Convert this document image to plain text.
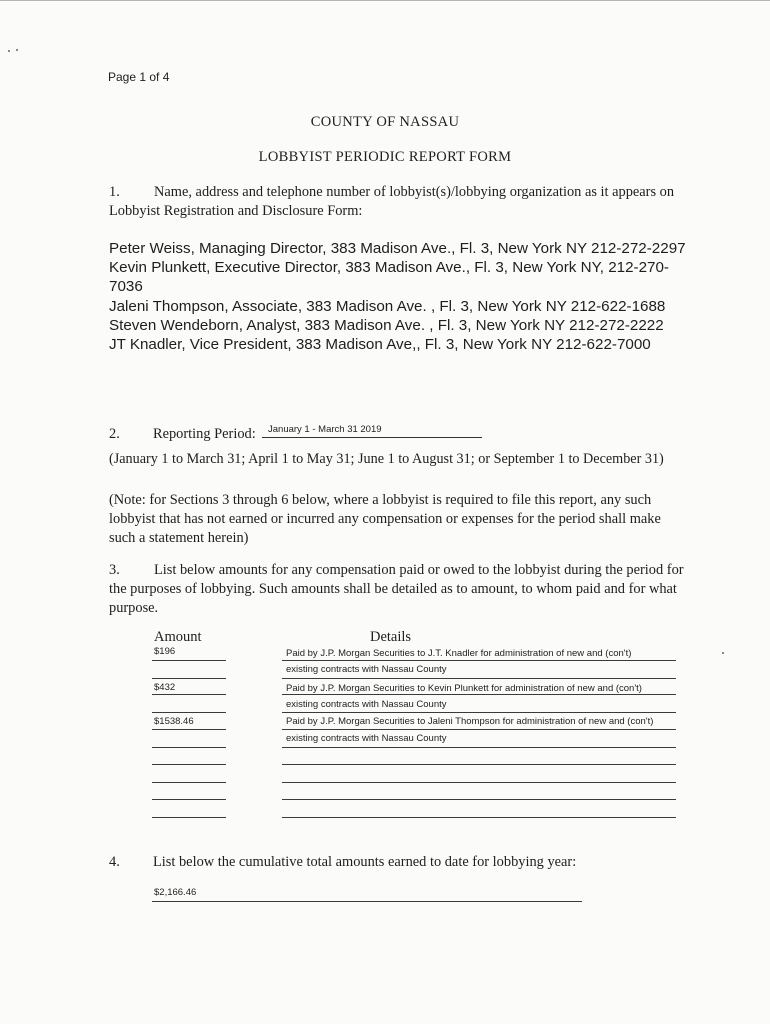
Page 1 of 4
COUNTY OF NASSAU
LOBBYIST PERIODIC REPORT FORM
1.	Name, address and telephone number of lobbyist(s)/lobbying organization as it appears on Lobbyist Registration and Disclosure Form:
Peter Weiss, Managing Director, 383 Madison Ave., Fl. 3, New York NY 212-272-2297
Kevin Plunkett, Executive Director, 383 Madison Ave., Fl. 3, New York NY, 212-270-7036
Jaleni Thompson, Associate, 383 Madison Ave. , Fl. 3, New York NY 212-622-1688
Steven Wendeborn, Analyst, 383 Madison Ave. , Fl. 3, New York NY 212-272-2222
JT Knadler, Vice President, 383 Madison Ave,, Fl. 3, New York NY 212-622-7000
2. Reporting Period: January 1 - March 31 2019
(January 1 to March 31; April 1 to May 31; June 1 to August 31; or September 1 to December 31)
(Note: for Sections 3 through 6 below, where a lobbyist is required to file this report, any such lobbyist that has not earned or incurred any compensation or expenses for the period shall make such a statement herein)
3.	List below amounts for any compensation paid or owed to the lobbyist during the period for the purposes of lobbying. Such amounts shall be detailed as to amount, to whom paid and for what purpose.
Amount	Details
$196	Paid by J.P. Morgan Securities to J.T. Knadler for administration of new and (con't)
existing contracts with Nassau County
$432	Paid by J.P. Morgan Securities to Kevin Plunkett for administration of new and (con't)
existing contracts with Nassau County
$1538.46	Paid by J.P. Morgan Securities to Jaleni Thompson for administration of new and (con't)
existing contracts with Nassau County
4. List below the cumulative total amounts earned to date for lobbying year:
$2,166.46
